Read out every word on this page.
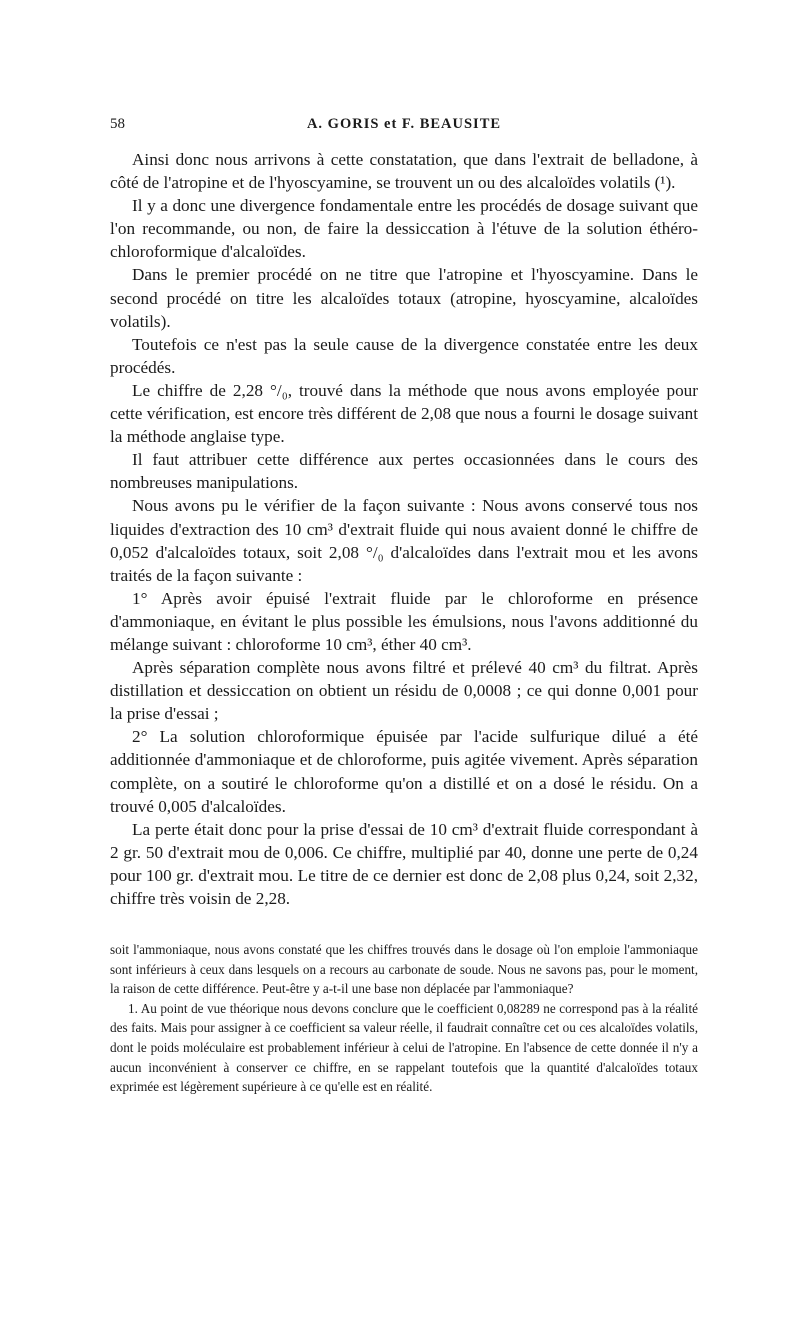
58	A. GORIS et F. BEAUSITE

Ainsi donc nous arrivons à cette constatation, que dans l'extrait de belladone, à côté de l'atropine et de l'hyoscyamine, se trouvent un ou des alcaloïdes volatils (¹).

Il y a donc une divergence fondamentale entre les procédés de dosage suivant que l'on recommande, ou non, de faire la dessiccation à l'étuve de la solution éthéro-chloroformique d'alcaloïdes.

Dans le premier procédé on ne titre que l'atropine et l'hyoscyamine. Dans le second procédé on titre les alcaloïdes totaux (atropine, hyoscyamine, alcaloïdes volatils).

Toutefois ce n'est pas la seule cause de la divergence constatée entre les deux procédés.

Le chiffre de 2,28 °/₀, trouvé dans la méthode que nous avons employée pour cette vérification, est encore très différent de 2,08 que nous a fourni le dosage suivant la méthode anglaise type.

Il faut attribuer cette différence aux pertes occasionnées dans le cours des nombreuses manipulations.

Nous avons pu le vérifier de la façon suivante : Nous avons conservé tous nos liquides d'extraction des 10 cm³ d'extrait fluide qui nous avaient donné le chiffre de 0,052 d'alcaloïdes totaux, soit 2,08 °/₀ d'alcaloïdes dans l'extrait mou et les avons traités de la façon suivante :

1° Après avoir épuisé l'extrait fluide par le chloroforme en présence d'ammoniaque, en évitant le plus possible les émulsions, nous l'avons additionné du mélange suivant : chloroforme 10 cm³, éther 40 cm³.

Après séparation complète nous avons filtré et prélevé 40 cm³ du filtrat. Après distillation et dessiccation on obtient un résidu de 0,0008 ; ce qui donne 0,001 pour la prise d'essai ;

2° La solution chloroformique épuisée par l'acide sulfurique dilué a été additionnée d'ammoniaque et de chloroforme, puis agitée vivement. Après séparation complète, on a soutiré le chloroforme qu'on a distillé et on a dosé le résidu. On a trouvé 0,005 d'alcaloïdes.

La perte était donc pour la prise d'essai de 10 cm³ d'extrait fluide correspondant à 2 gr. 50 d'extrait mou de 0,006. Ce chiffre, multiplié par 40, donne une perte de 0,24 pour 100 gr. d'extrait mou. Le titre de ce dernier est donc de 2,08 plus 0,24, soit 2,32, chiffre très voisin de 2,28.

soit l'ammoniaque, nous avons constaté que les chiffres trouvés dans le dosage où l'on emploie l'ammoniaque sont inférieurs à ceux dans lesquels on a recours au carbonate de soude. Nous ne savons pas, pour le moment, la raison de cette différence. Peut-être y a-t-il une base non déplacée par l'ammoniaque?

1. Au point de vue théorique nous devons conclure que le coefficient 0,08289 ne correspond pas à la réalité des faits. Mais pour assigner à ce coefficient sa valeur réelle, il faudrait connaître cet ou ces alcaloïdes volatils, dont le poids moléculaire est probablement inférieur à celui de l'atropine. En l'absence de cette donnée il n'y a aucun inconvénient à conserver ce chiffre, en se rappelant toutefois que la quantité d'alcaloïdes totaux exprimée est légèrement supérieure à ce qu'elle est en réalité.
